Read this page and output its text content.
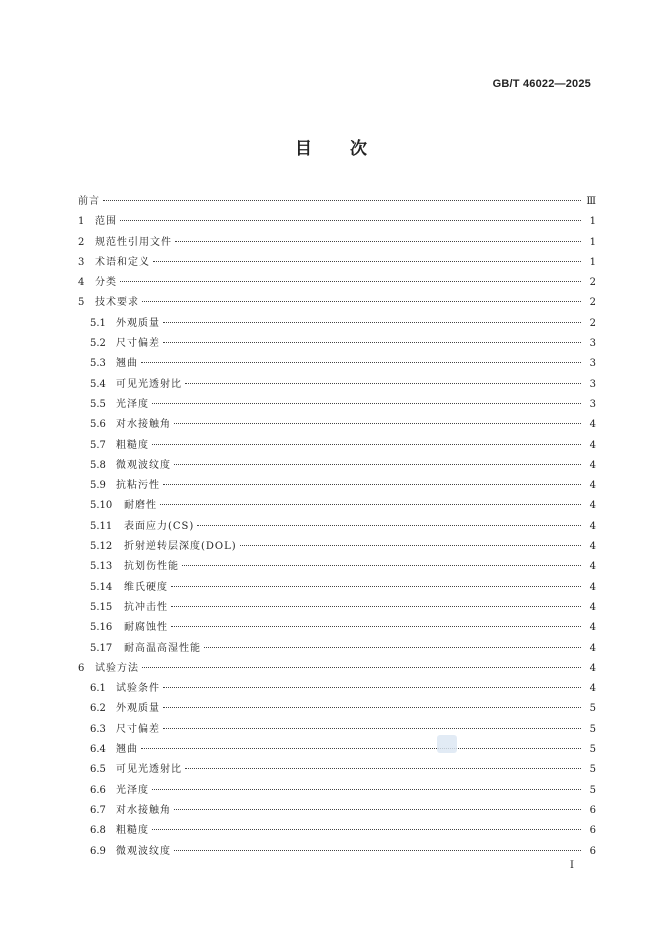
GB/T 46022—2025
目次
前言	Ⅲ
1	范围	1
2	规范性引用文件	1
3	术语和定义	1
4	分类	2
5	技术要求	2
5.1	外观质量	2
5.2	尺寸偏差	3
5.3	翘曲	3
5.4	可见光透射比	3
5.5	光泽度	3
5.6	对水接触角	4
5.7	粗糙度	4
5.8	微观波纹度	4
5.9	抗粘污性	4
5.10	耐磨性	4
5.11	表面应力(CS)	4
5.12	折射逆转层深度(DOL)	4
5.13	抗划伤性能	4
5.14	维氏硬度	4
5.15	抗冲击性	4
5.16	耐腐蚀性	4
5.17	耐高温高湿性能	4
6	试验方法	4
6.1	试验条件	4
6.2	外观质量	5
6.3	尺寸偏差	5
6.4	翘曲	5
6.5	可见光透射比	5
6.6	光泽度	5
6.7	对水接触角	6
6.8	粗糙度	6
6.9	微观波纹度	6
I
